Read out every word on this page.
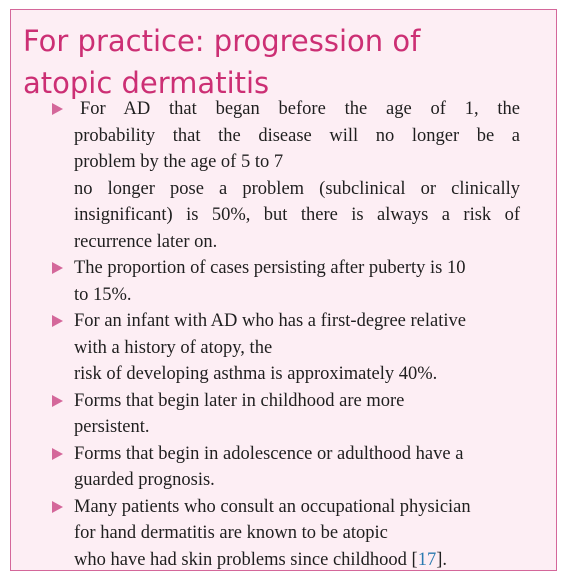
For practice: progression of
atopic dermatitis
For AD that began before the age of 1, the
probability that the disease will no longer be a
problem by the age of 5 to 7
no longer pose a problem (subclinical or clinically
insignificant) is 50%, but there is always a risk of
recurrence later on.
The proportion of cases persisting after puberty is 10
to 15%.
For an infant with AD who has a first-degree relative
with a history of atopy, the
risk of developing asthma is approximately 40%.
Forms that begin later in childhood are more
persistent.
Forms that begin in adolescence or adulthood have a
guarded prognosis.
Many patients who consult an occupational physician
for hand dermatitis are known to be atopic
who have had skin problems since childhood [17].
